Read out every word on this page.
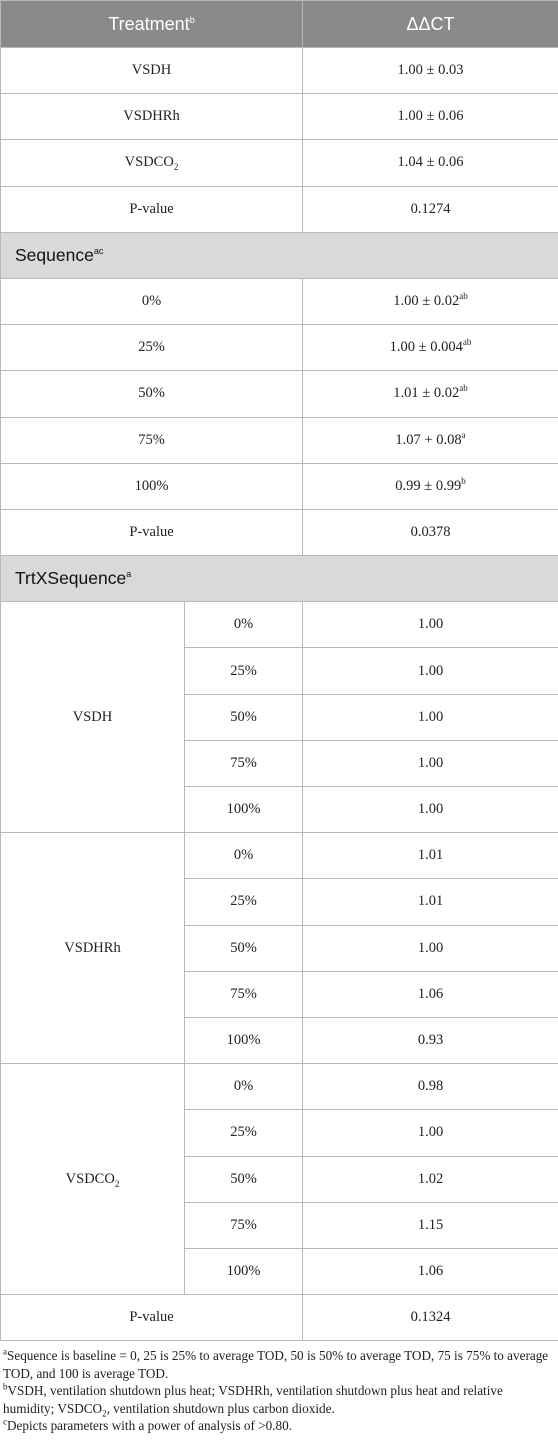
Treatment$^b$		ΔΔCT
VSDH		1.00 ± 0.03
VSDHRh		1.00 ± 0.06
$VSDCO_2$		1.04 ± 0.06
P-value		0.1274
Sequence$^{ac}$
0%		1.00 ± 0.02$^{ab}$
25%		1.00 ± 0.004$^{ab}$
50%		1.01 ± 0.02$^{ab}$
75%		1.07 + 0.08$^a$
100%		0.99 ± 0.99$^b$
P-value		0.0378
TrtXSequence$^a$
VSDH	0%	1.00
	25%	1.00
	50%	1.00
	75%	1.00
	100%	1.00
VSDHRh	0%	1.01
	25%	1.01
	50%	1.00
	75%	1.06
	100%	0.93
$VSDCO_2$	0%	0.98
	25%	1.00
	50%	1.02
	75%	1.15
	100%	1.06
P-value		0.1324

$^a$Sequence is baseline = 0, 25 is 25% to average TOD, 50 is 50% to average TOD, 75 is 75% to average TOD, and 100 is average TOD.

$^b$VSDH, ventilation shutdown plus heat; VSDHRh, ventilation shutdown plus heat and relative humidity; $VSDCO_2$, ventilation shutdown plus carbon dioxide.

$^c$Depicts parameters with a power of analysis of >0.80.
